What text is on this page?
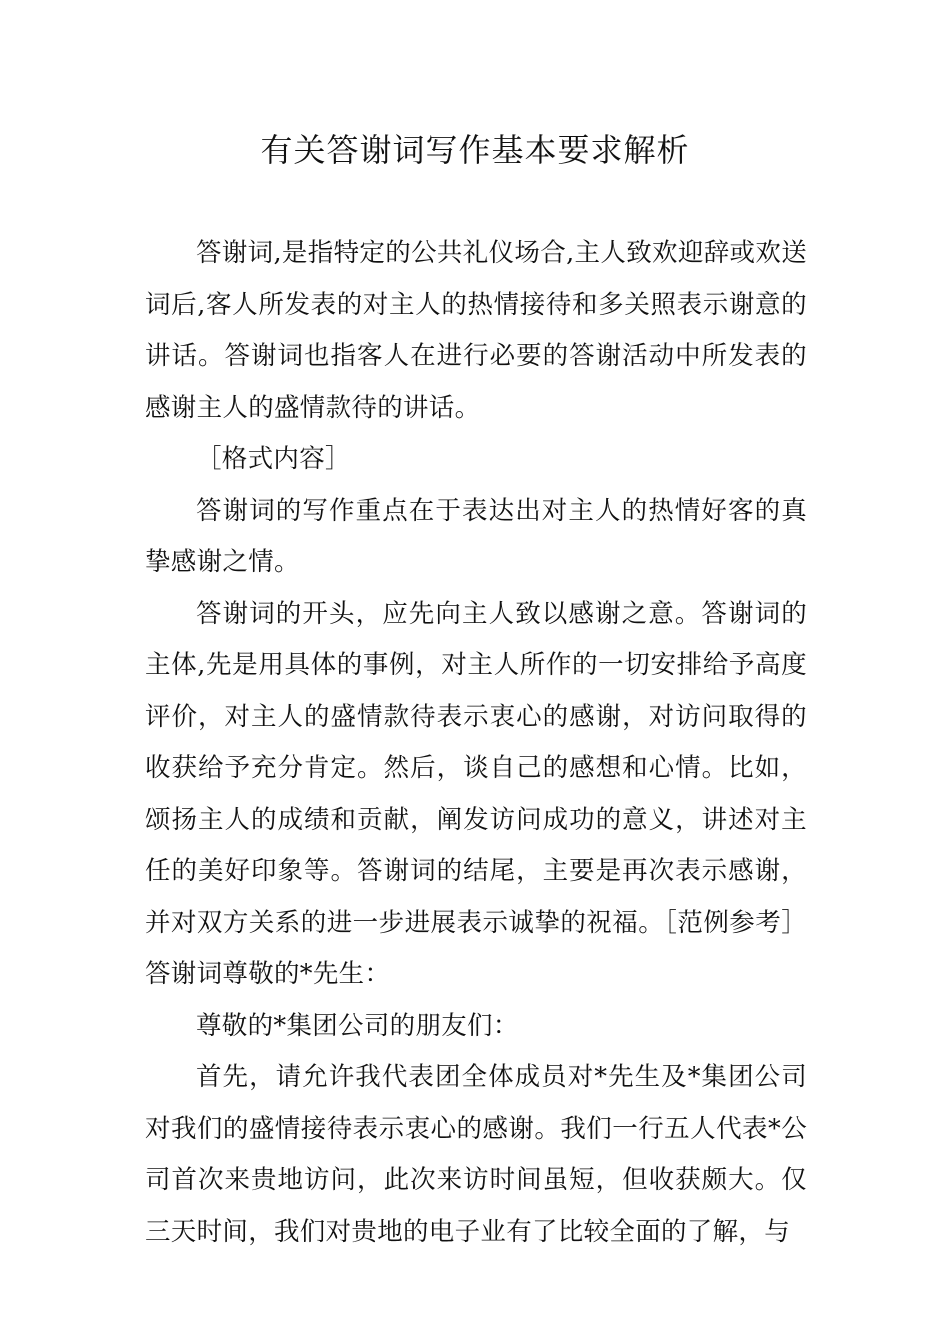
有关答谢词写作基本要求解析

答谢词,是指特定的公共礼仪场合,主人致欢迎辞或欢送词后,客人所发表的对主人的热情接待和多关照表示谢意的讲话。答谢词也指客人在进行必要的答谢活动中所发表的感谢主人的盛情款待的讲话。

［格式内容］

答谢词的写作重点在于表达出对主人的热情好客的真挚感谢之情。

答谢词的开头，应先向主人致以感谢之意。答谢词的主体,先是用具体的事例，对主人所作的一切安排给予高度评价，对主人的盛情款待表示衷心的感谢，对访问取得的收获给予充分肯定。然后，谈自己的感想和心情。比如，颂扬主人的成绩和贡献，阐发访问成功的意义，讲述对主任的美好印象等。答谢词的结尾，主要是再次表示感谢，并对双方关系的进一步进展表示诚挚的祝福。［范例参考］答谢词尊敬的*先生：

尊敬的*集团公司的朋友们：

首先，请允许我代表团全体成员对*先生及*集团公司对我们的盛情接待表示衷心的感谢。我们一行五人代表*公司首次来贵地访问，此次来访时间虽短，但收获颇大。仅三天时间，我们对贵地的电子业有了比较全面的了解，与
